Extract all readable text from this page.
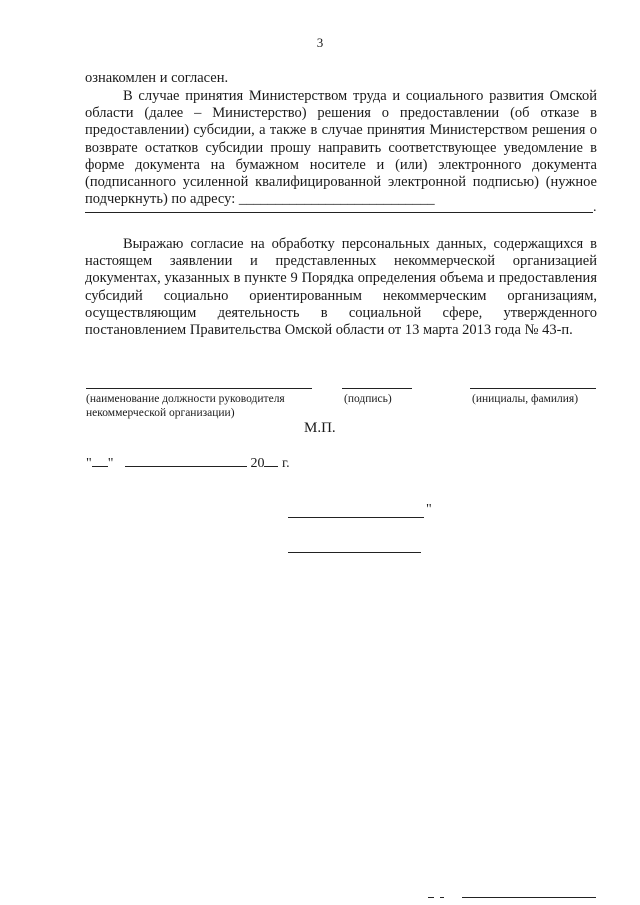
3

ознакомлен и согласен.

В случае принятия Министерством труда и социального развития Омской области (далее – Министерство) решения о предоставлении (об отказе в предоставлении) субсидии, а также в случае принятия Министерством решения о возврате остатков субсидии прошу направить соответствующее уведомление в форме документа на бумажном носителе и (или) электронного документа (подписанного усиленной квалифицированной электронной подписью) (нужное подчеркнуть) по адресу: ___________________________

.

Выражаю согласие на обработку персональных данных, содержащихся в настоящем заявлении и представленных некоммерческой организацией документах, указанных в пункте 9 Порядка определения объема и предоставления субсидий социально ориентированным некоммерческим организациям, осуществляющим деятельность в социальной сфере, утвержденного постановлением Правительства Омской области от 13 марта 2013 года № 43-п.

(наименование должности руководителя некоммерческой организации)
(подпись)	(инициалы, фамилия)
М.П.
" "	20 г.
"
